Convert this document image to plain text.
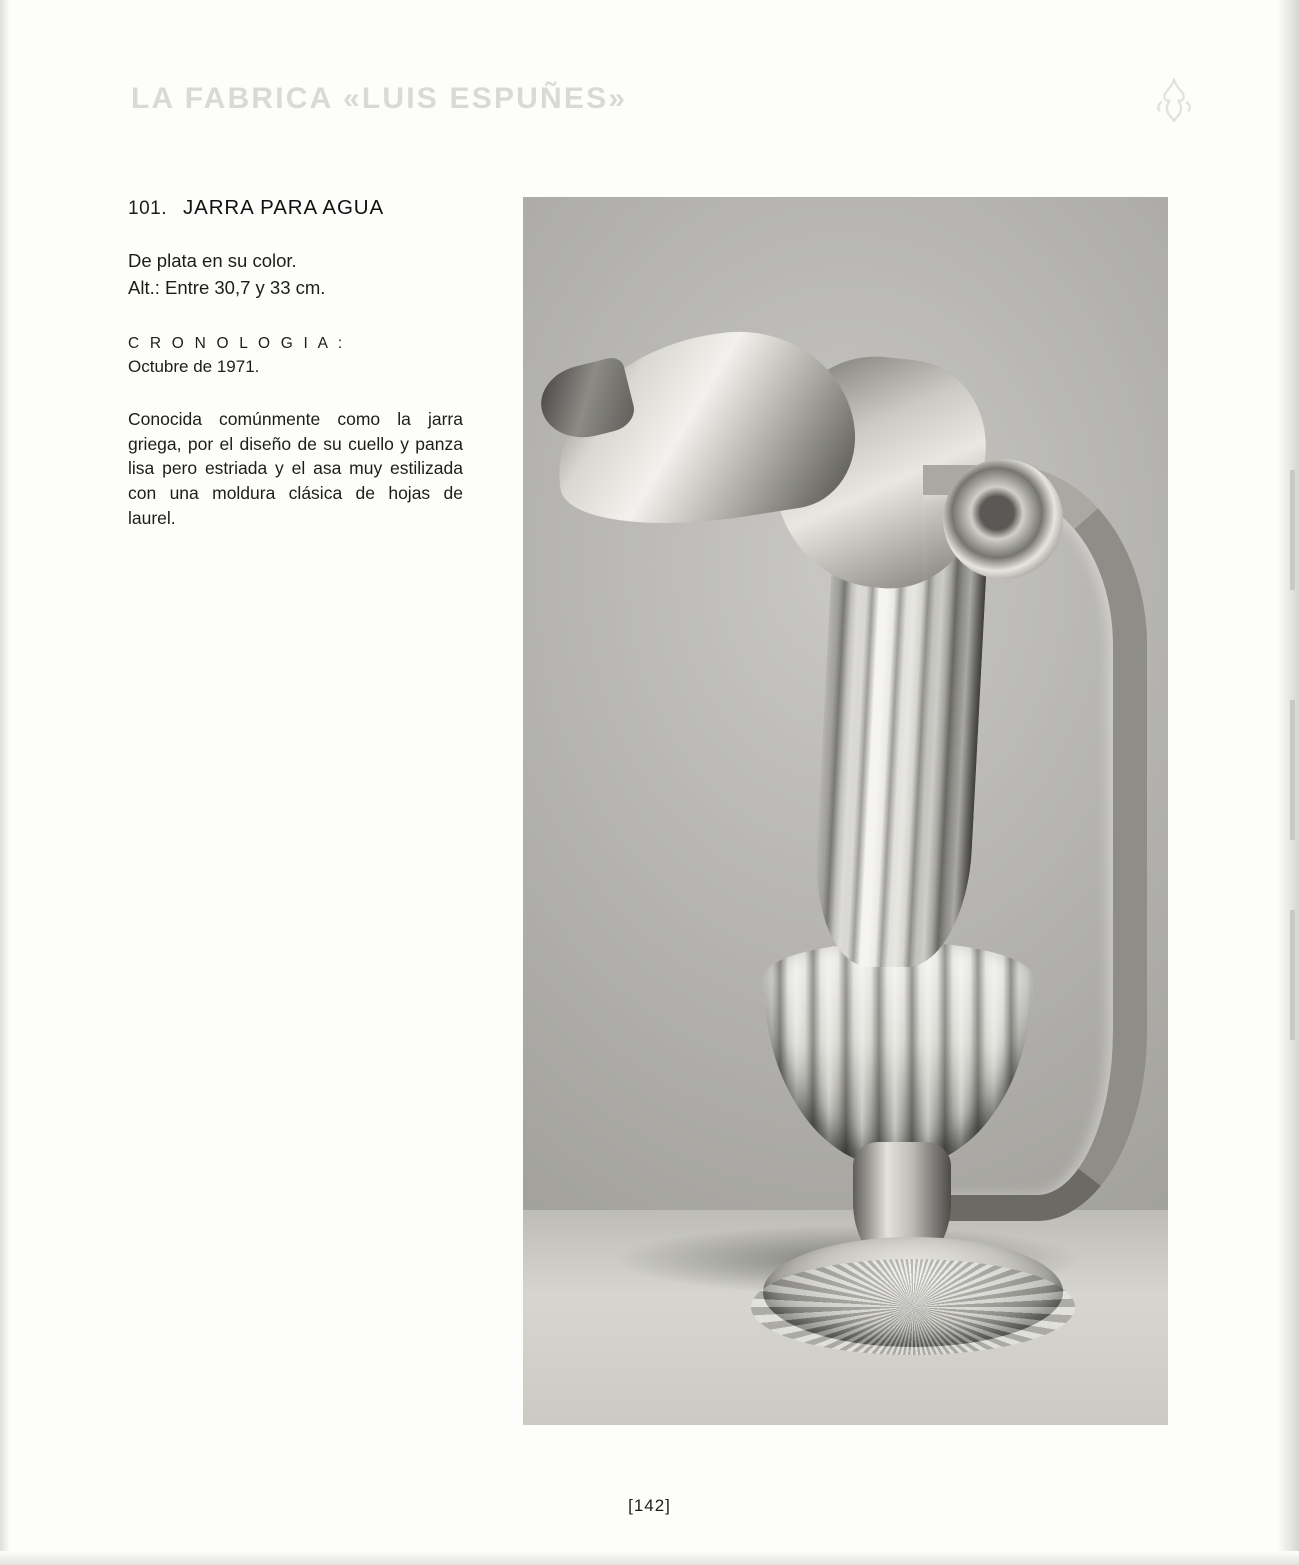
LA FABRICA «LUIS ESPUÑES»
101. JARRA PARA AGUA
De plata en su color.
Alt.: Entre 30,7 y 33 cm.
C R O N O L O G I A :
Octubre de 1971.
Conocida comúnmente como la jarra griega, por el diseño de su cuello y panza lisa pero estriada y el asa muy estilizada con una moldura clásica de hojas de laurel.
[142]
